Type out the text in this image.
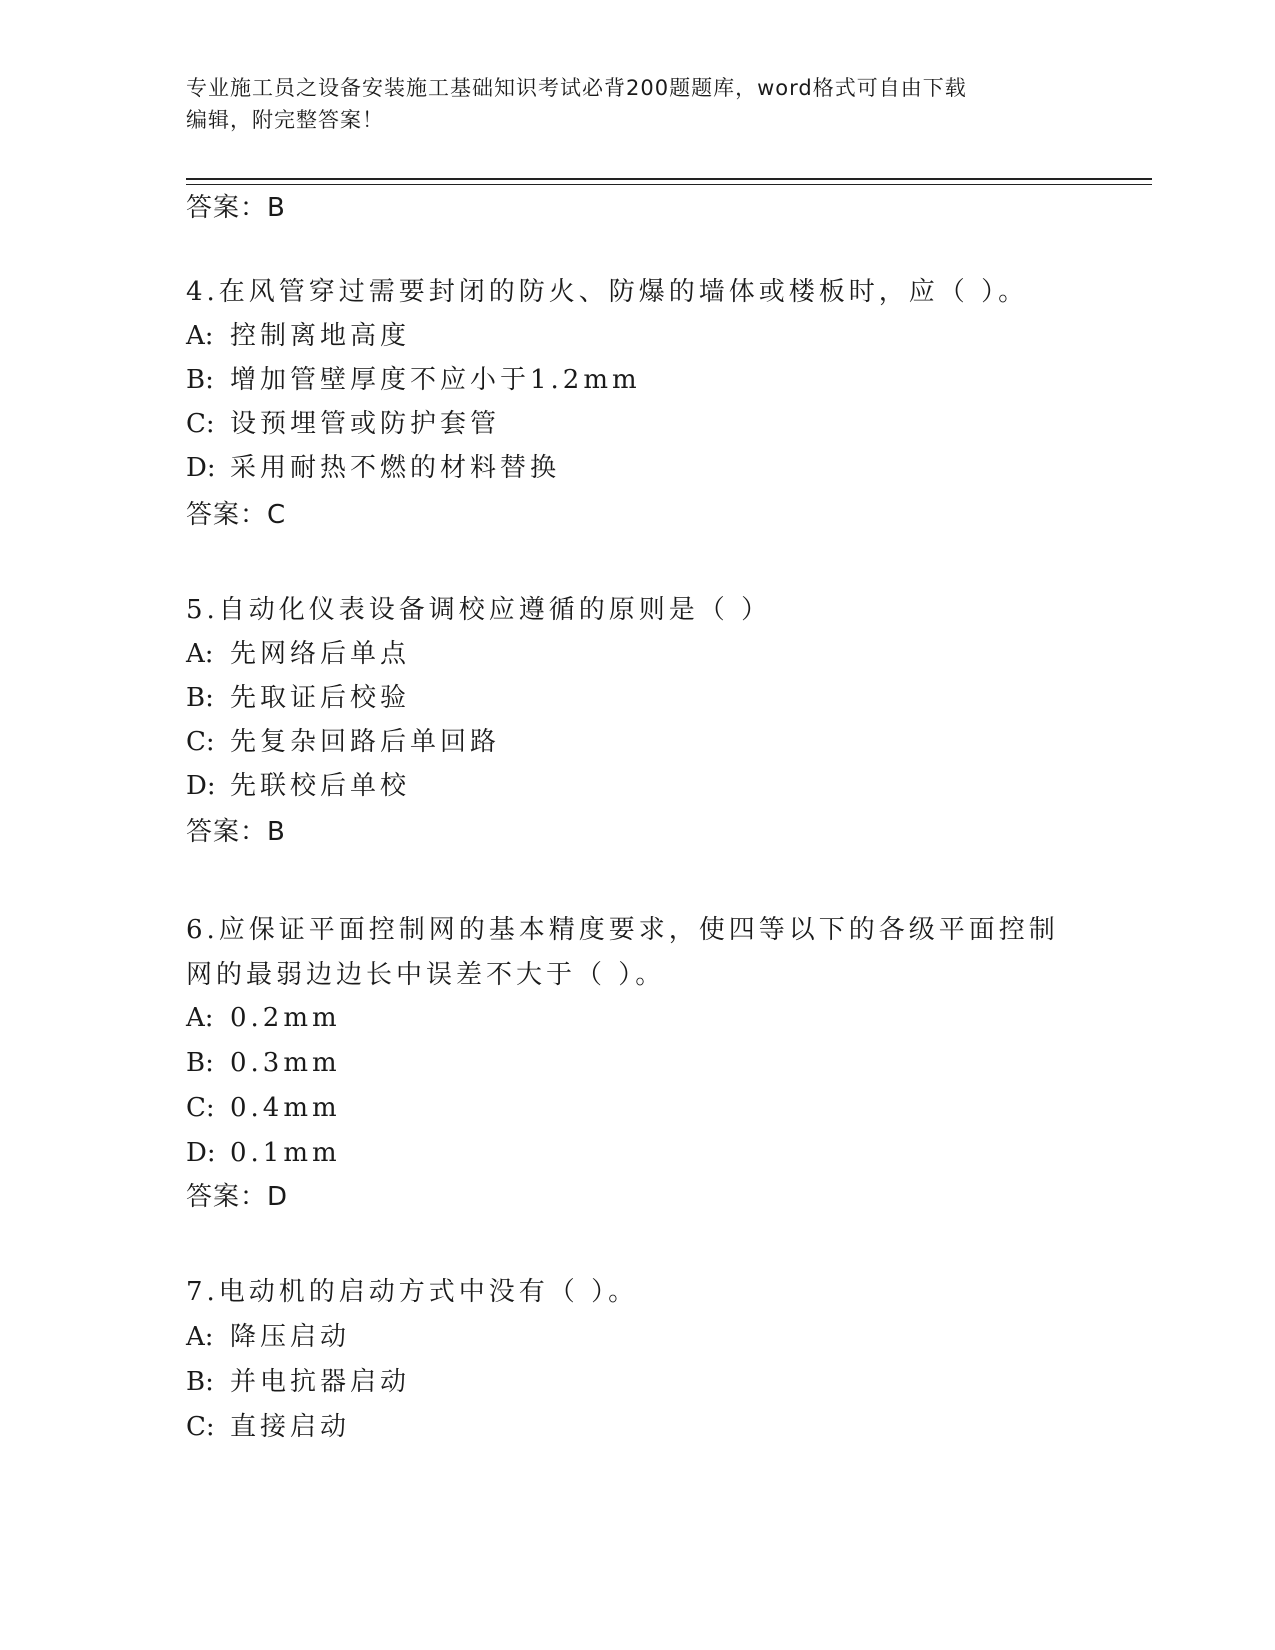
专业施工员之设备安装施工基础知识考试必背200题题库，word格式可自由下载
编辑，附完整答案！
答案：B
4.在风管穿过需要封闭的防火、防爆的墙体或楼板时，应（ ）。
A: 控制离地高度
B: 增加管壁厚度不应小于1.2mm
C: 设预埋管或防护套管
D: 采用耐热不燃的材料替换
答案：C
5.自动化仪表设备调校应遵循的原则是（ ）
A: 先网络后单点
B: 先取证后校验
C: 先复杂回路后单回路
D: 先联校后单校
答案：B
6.应保证平面控制网的基本精度要求，使四等以下的各级平面控制网的最弱边边长中误差不大于（ ）。
A: 0.2mm
B: 0.3mm
C: 0.4mm
D: 0.1mm
答案：D
7.电动机的启动方式中没有（ ）。
A: 降压启动
B: 并电抗器启动
C: 直接启动
